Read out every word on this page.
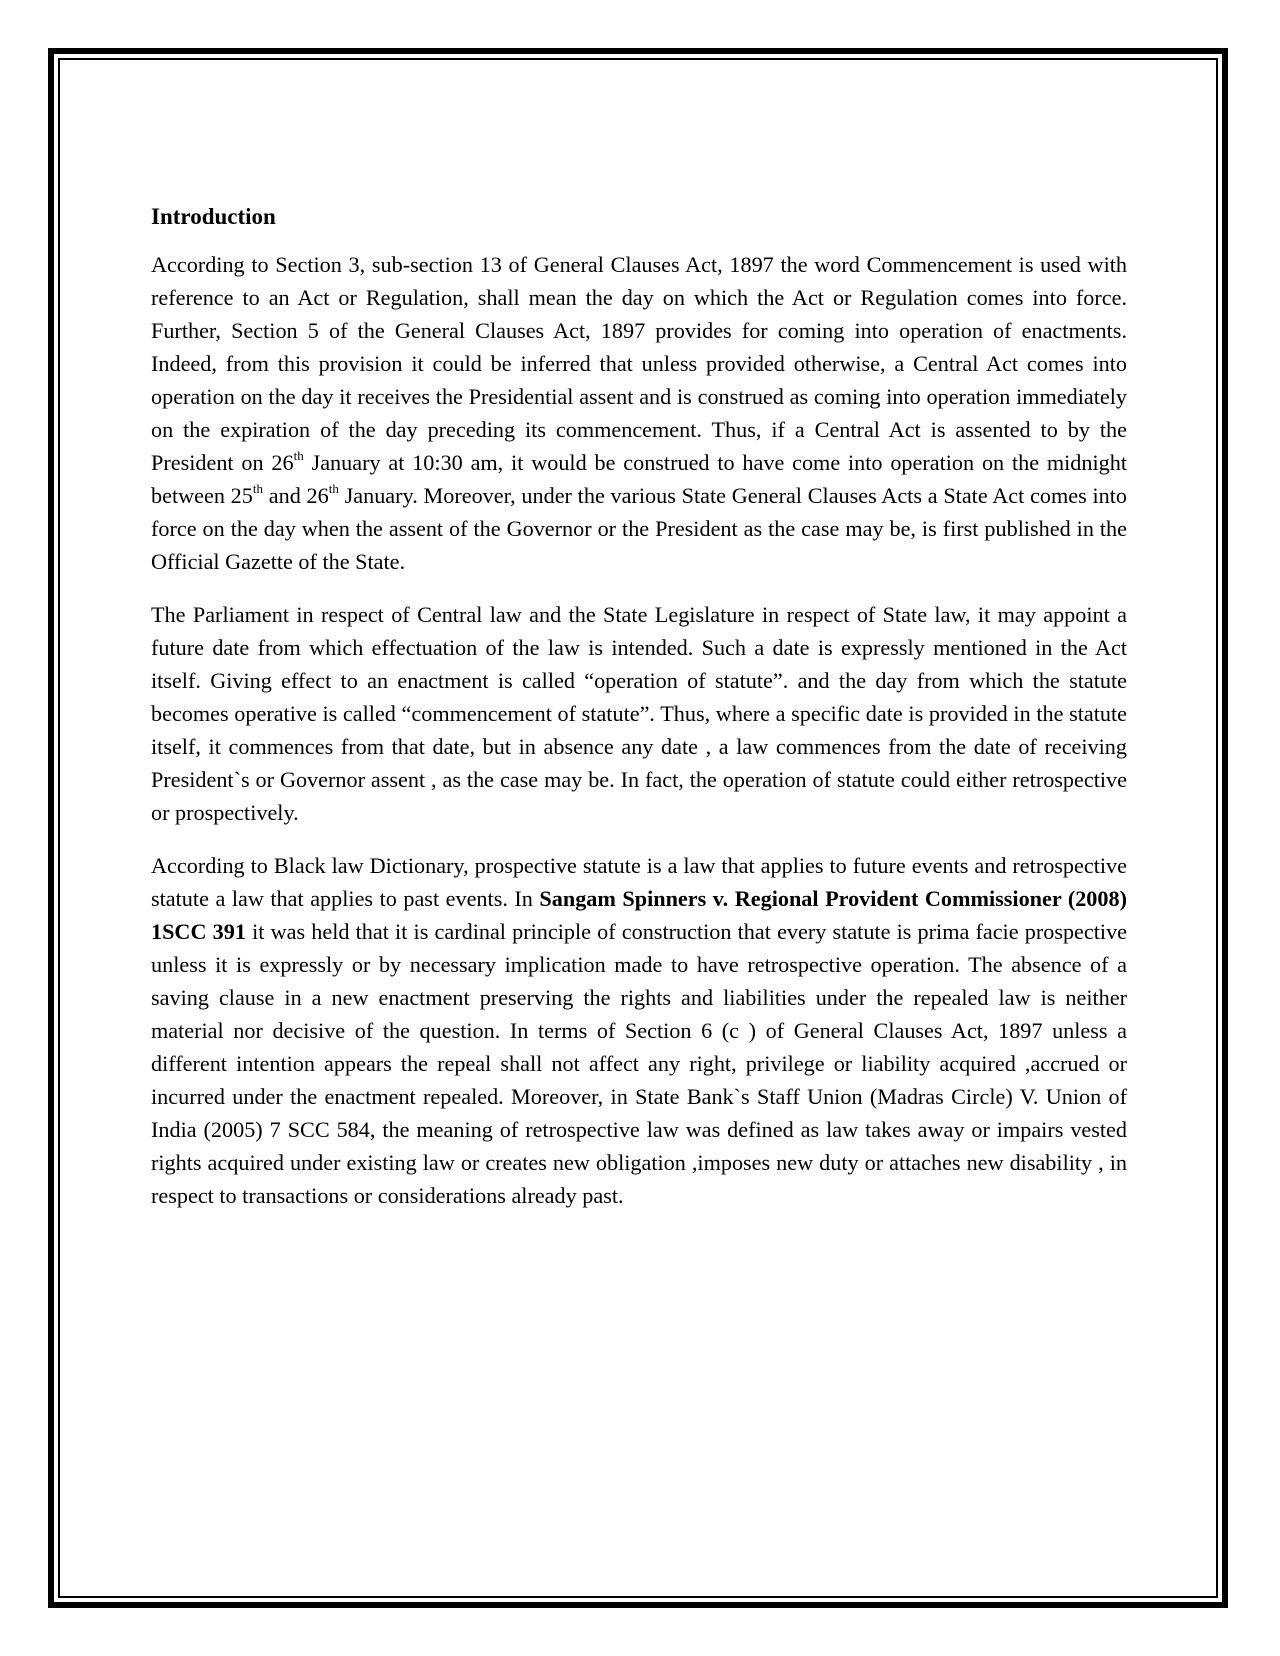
Introduction

According to Section 3, sub-section 13 of General Clauses Act, 1897 the word Commencement is used with reference to an Act or Regulation, shall mean the day on which the Act or Regulation comes into force. Further, Section 5 of the General Clauses Act, 1897 provides for coming into operation of enactments. Indeed, from this provision it could be inferred that unless provided otherwise, a Central Act comes into operation on the day it receives the Presidential assent and is construed as coming into operation immediately on the expiration of the day preceding its commencement. Thus, if a Central Act is assented to by the President on 26th January at 10:30 am, it would be construed to have come into operation on the midnight between 25th and 26th January. Moreover, under the various State General Clauses Acts a State Act comes into force on the day when the assent of the Governor or the President as the case may be, is first published in the Official Gazette of the State.

The Parliament in respect of Central law and the State Legislature in respect of State law, it may appoint a future date from which effectuation of the law is intended. Such a date is expressly mentioned in the Act itself. Giving effect to an enactment is called “operation of statute”. and the day from which the statute becomes operative is called “commencement of statute”. Thus, where a specific date is provided in the statute itself, it commences from that date, but in absence any date , a law commences from the date of receiving President`s or Governor assent , as the case may be. In fact, the operation of statute could either retrospective or prospectively.

According to Black law Dictionary, prospective statute is a law that applies to future events and retrospective statute a law that applies to past events. In Sangam Spinners v. Regional Provident Commissioner (2008) 1SCC 391 it was held that it is cardinal principle of construction that every statute is prima facie prospective unless it is expressly or by necessary implication made to have retrospective operation. The absence of a saving clause in a new enactment preserving the rights and liabilities under the repealed law is neither material nor decisive of the question. In terms of Section 6 (c ) of General Clauses Act, 1897 unless a different intention appears the repeal shall not affect any right, privilege or liability acquired ,accrued or incurred under the enactment repealed. Moreover, in State Bank`s Staff Union (Madras Circle) V. Union of India (2005) 7 SCC 584, the meaning of retrospective law was defined as law takes away or impairs vested rights acquired under existing law or creates new obligation ,imposes new duty or attaches new disability , in respect to transactions or considerations already past.
